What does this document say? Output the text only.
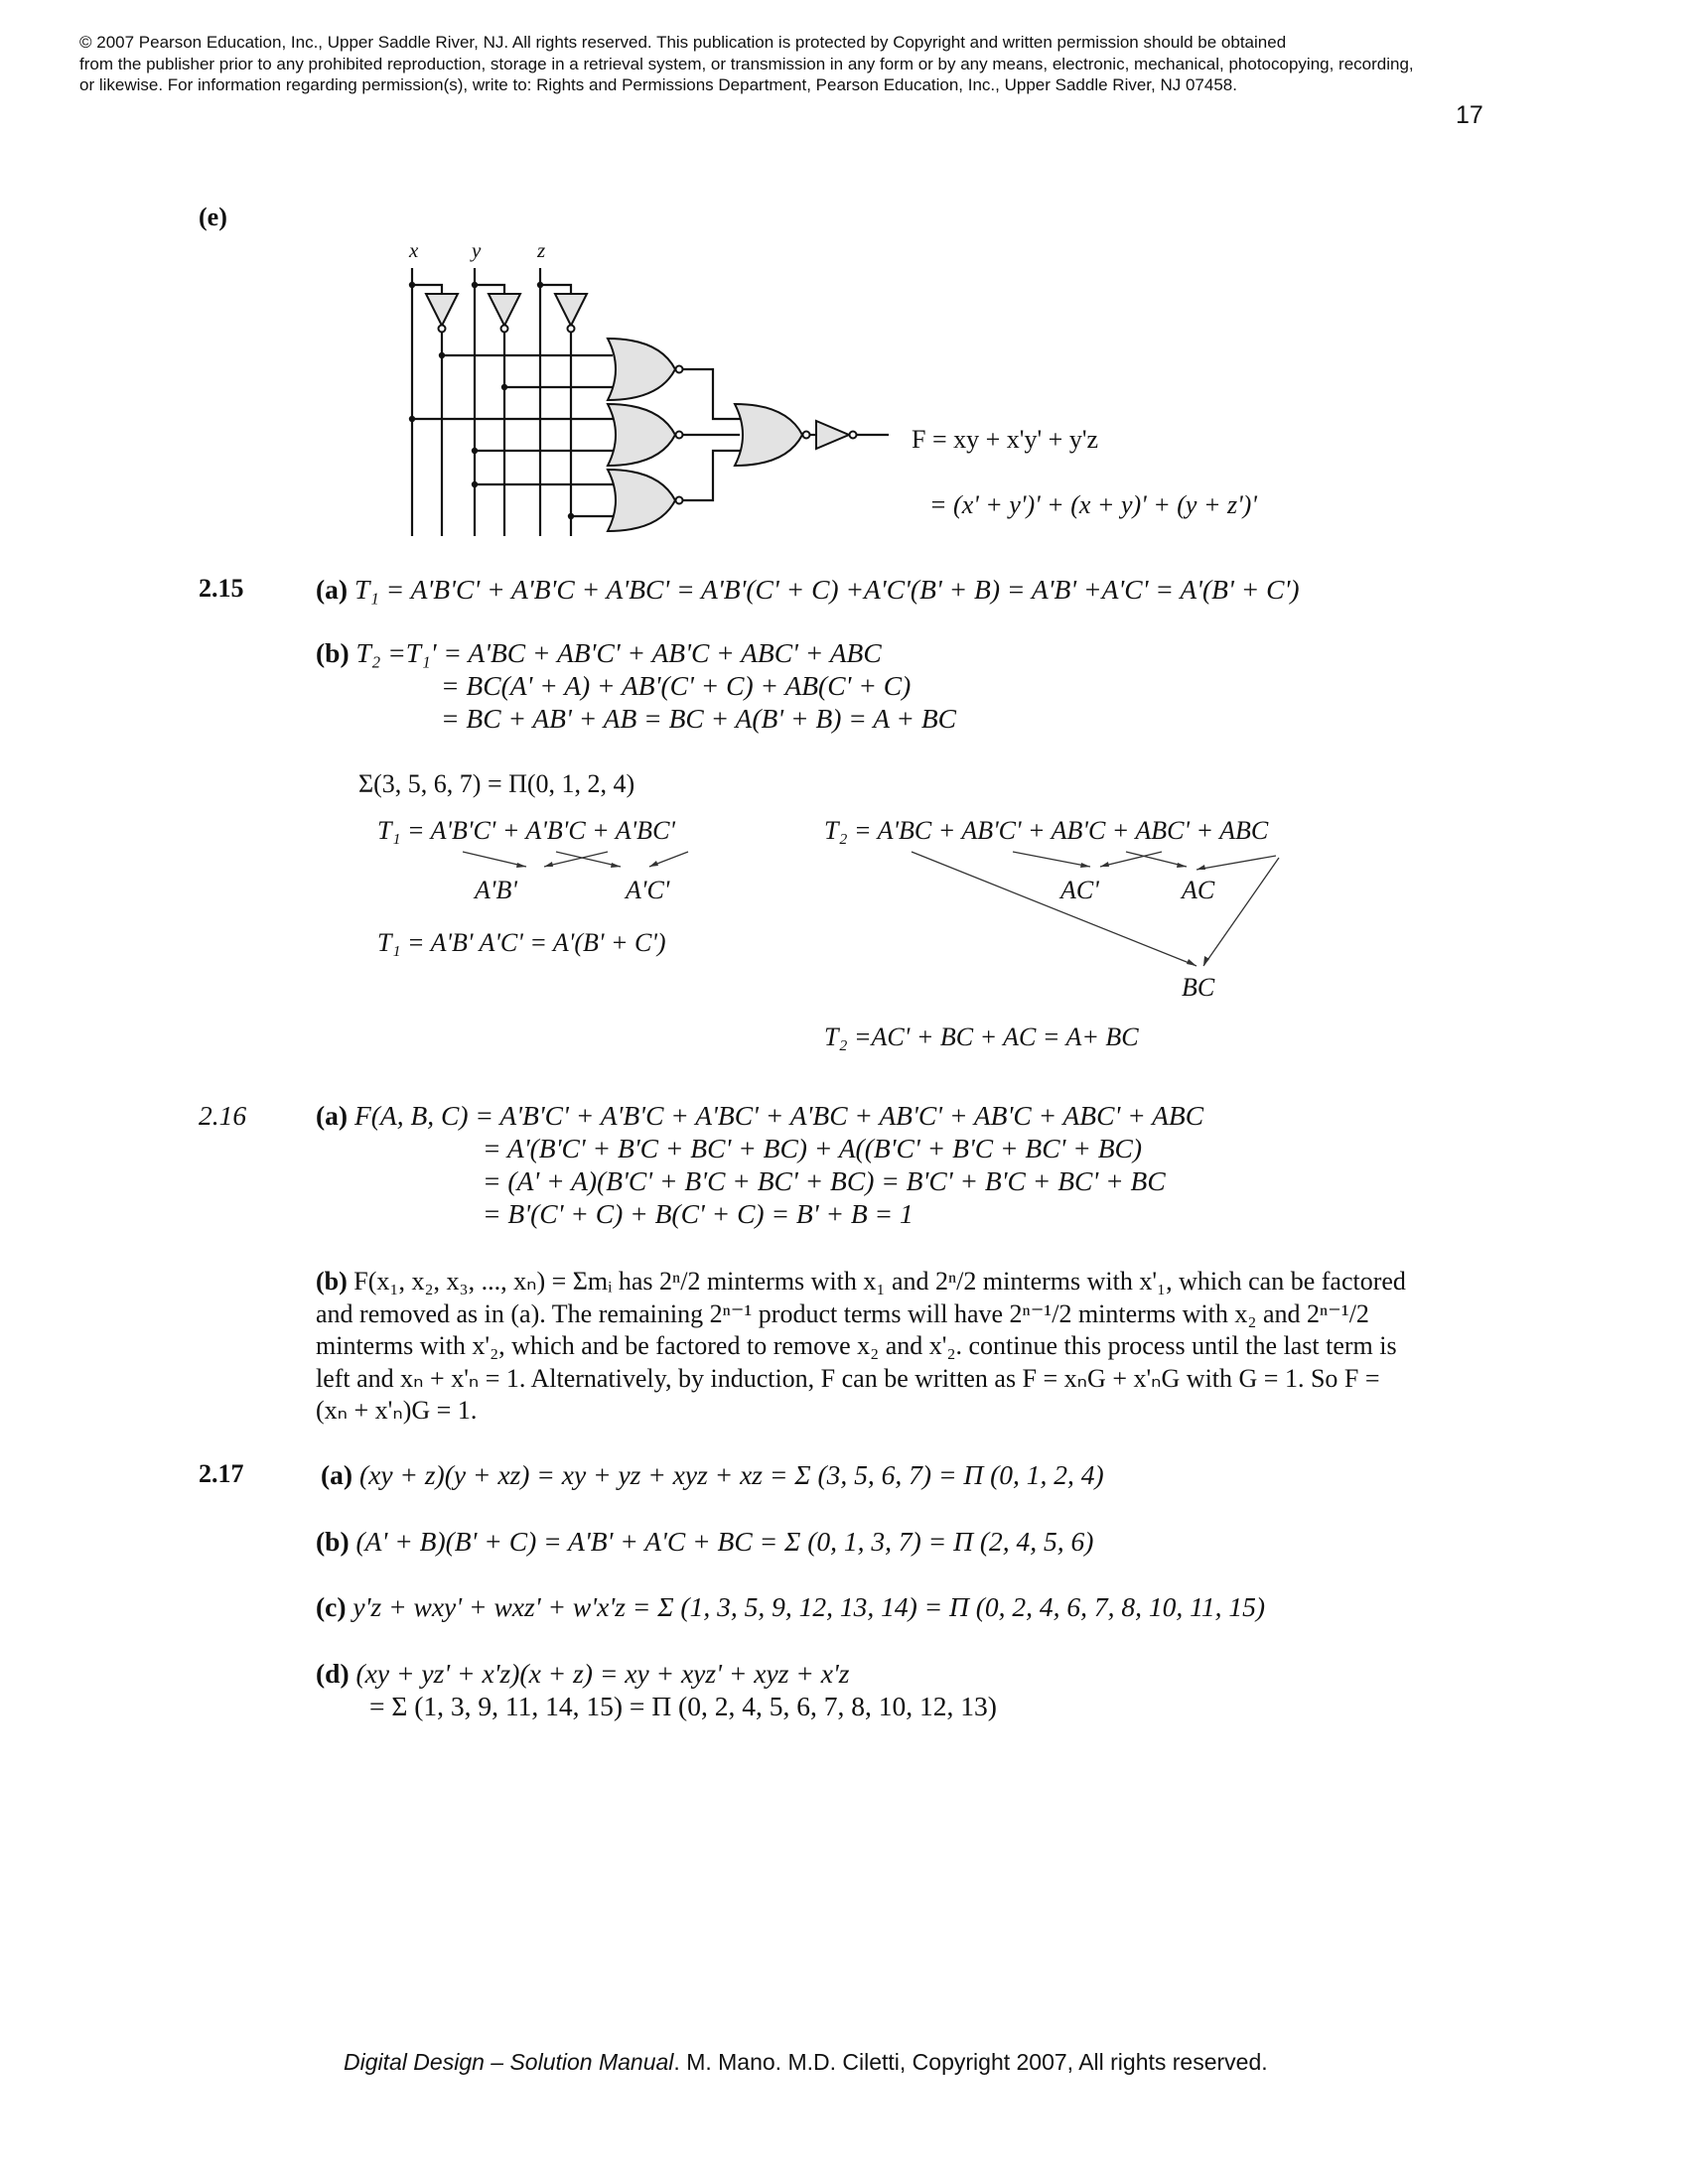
© 2007 Pearson Education, Inc., Upper Saddle River, NJ. All rights reserved. This publication is protected by Copyright and written permission should be obtained
from the publisher prior to any prohibited reproduction, storage in a retrieval system, or transmission in any form or by any means, electronic, mechanical, photocopying, recording,
or likewise. For information regarding permission(s), write to: Rights and Permissions Department, Pearson Education, Inc., Upper Saddle River, NJ 07458.
17
(e)
x	y	z
F = xy + x'y' + y'z
= (x' + y')' + (x + y)' + (y + z')'
2.15	(a) T₁ = A'B'C' + A'B'C + A'BC' = A'B'(C' + C) +A'C'(B' + B) = A'B' +A'C' = A'(B' + C')
(b) T₂ =T₁' = A'BC + AB'C' + AB'C + ABC' + ABC
= BC(A' + A) + AB'(C' + C) + AB(C' + C)
= BC + AB' + AB = BC + A(B' + B) = A + BC
Σ(3, 5, 6, 7) = Π(0, 1, 2, 4)
T₁ = A'B'C' + A'B'C + A'BC'
A'B'	A'C'
T₁ = A'B' A'C' = A'(B' + C')
T₂ = A'BC + AB'C' + AB'C + ABC' + ABC
AC'	AC
BC
T₂ =AC' + BC + AC = A+ BC
2.16	(a) F(A, B, C) = A'B'C' + A'B'C + A'BC' + A'BC + AB'C' + AB'C + ABC' + ABC
= A'(B'C' + B'C + BC' + BC) + A((B'C' + B'C + BC' + BC)
= (A' + A)(B'C' + B'C + BC' + BC) = B'C' + B'C + BC' + BC
= B'(C' + C) + B(C' + C) = B' + B = 1
(b) F(x₁, x₂, x₃, ..., xₙ) = Σmᵢ has 2ⁿ/2 minterms with x₁ and 2ⁿ/2 minterms with x'₁, which can be factored
and removed as in (a). The remaining 2ⁿ⁻¹ product terms will have 2ⁿ⁻¹/2 minterms with x₂ and 2ⁿ⁻¹/2
minterms with x'₂, which and be factored to remove x₂ and x'₂. continue this process until the last term is
left and xₙ + x'ₙ = 1. Alternatively, by induction, F can be written as F = xₙG + x'ₙG with G = 1. So F =
(xₙ + x'ₙ)G = 1.
2.17	(a) (xy + z)(y + xz) = xy + yz + xyz + xz = Σ (3, 5, 6, 7) = Π (0, 1, 2, 4)
(b) (A' + B)(B' + C) = A'B' + A'C + BC = Σ (0, 1, 3, 7) = Π (2, 4, 5, 6)
(c) y'z + wxy' + wxz' + w'x'z = Σ (1, 3, 5, 9, 12, 13, 14) = Π (0, 2, 4, 6, 7, 8, 10, 11, 15)
(d) (xy + yz' + x'z)(x + z) = xy + xyz' + xyz + x'z
= Σ (1, 3, 9, 11, 14, 15) = Π (0, 2, 4, 5, 6, 7, 8, 10, 12, 13)
Digital Design – Solution Manual. M. Mano. M.D. Ciletti, Copyright 2007, All rights reserved.
